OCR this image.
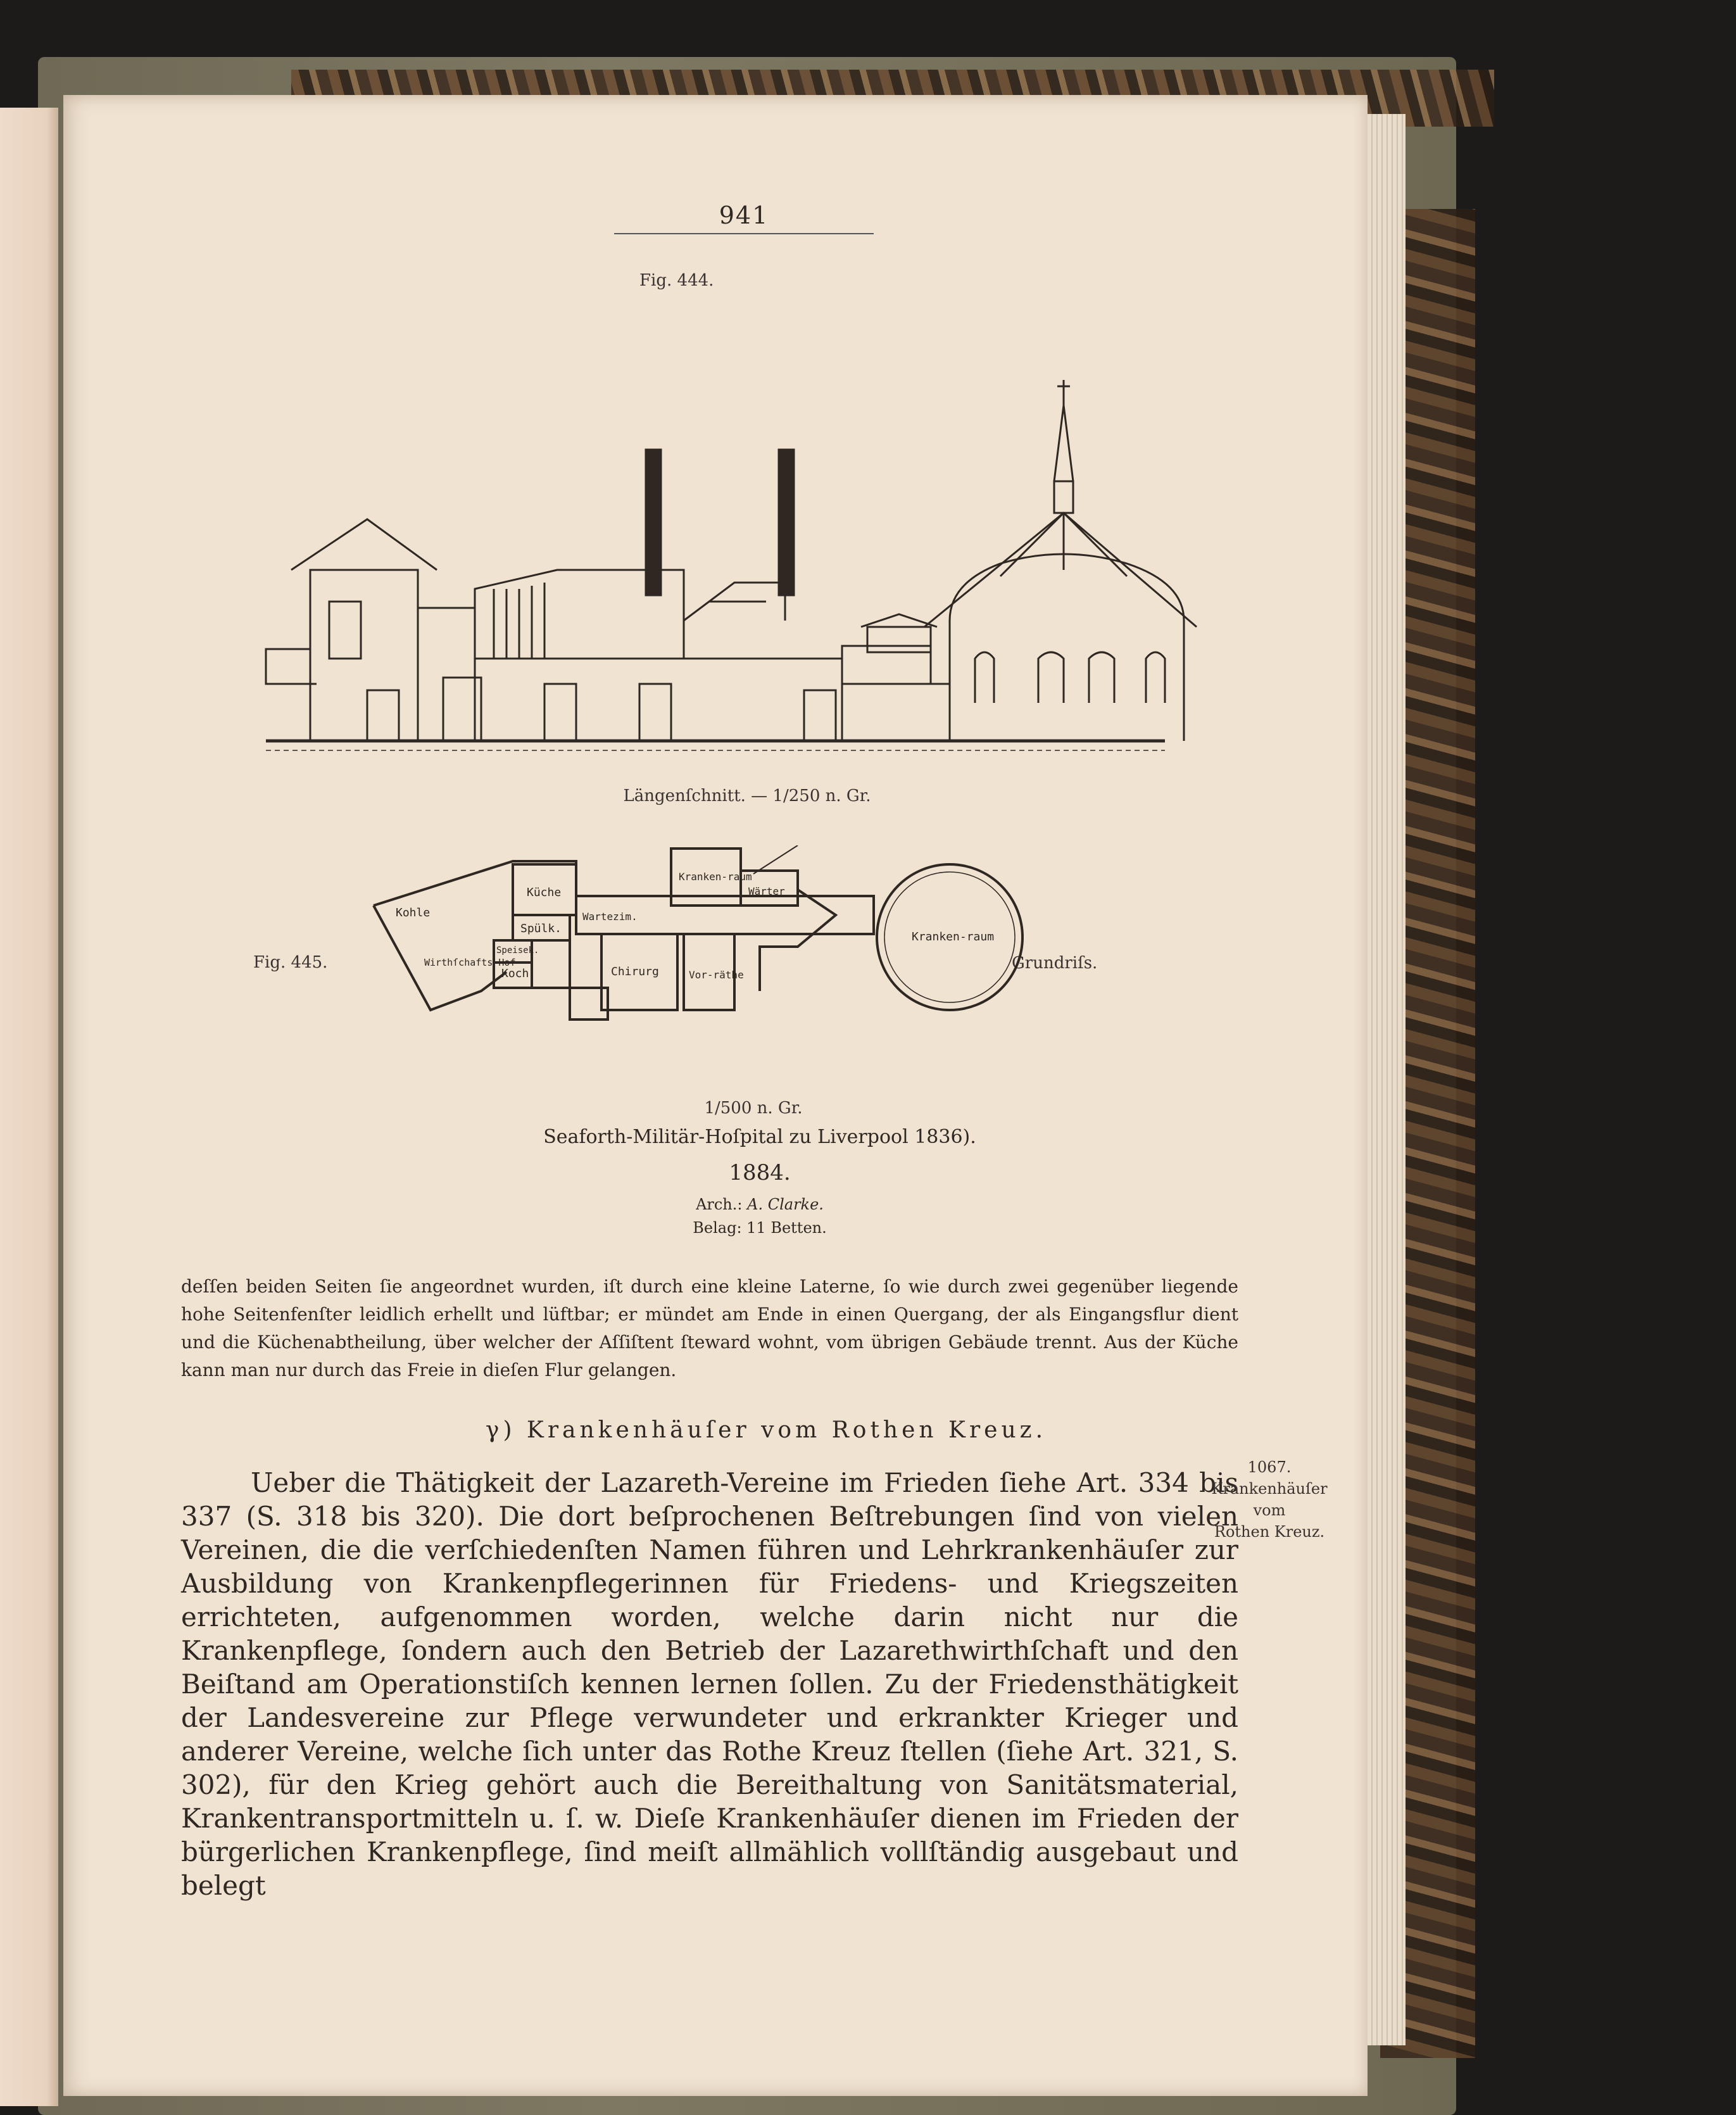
941
Fig. 444.
Längenſchnitt. — 1/250 n. Gr.
Fig. 445.	Grundriſs.
Küche
Kohle
Spülk.
Speisek.
Koch
Wirthſchafts-Hof
Wartezim.
Kranken-raum
Wärter
Kranken-raum
Chirurg	Vor-räthe
1/500 n. Gr.
Seaforth-Militär-Hoſpital zu Liverpool 1836).
1884.
Arch.: A. Clarke.
Belag: 11 Betten.

deſſen beiden Seiten ſie angeordnet wurden, iſt durch eine kleine Laterne, ſo wie durch zwei gegenüber liegende hohe Seitenfenſter leidlich erhellt und lüftbar; er mündet am Ende in einen Quergang, der als Eingangsflur dient und die Küchenabtheilung, über welcher der Aſſiſtent ſteward wohnt, vom übrigen Gebäude trennt. Aus der Küche kann man nur durch das Freie in dieſen Flur gelangen.

γ) Krankenhäuſer vom Rothen Kreuz.

Ueber die Thätigkeit der Lazareth-Vereine im Frieden ſiehe Art. 334 bis 337 (S. 318 bis 320). Die dort beſprochenen Beſtrebungen ſind von vielen Vereinen, die die verſchiedenſten Namen führen und Lehrkrankenhäuſer zur Ausbildung von Krankenpflegerinnen für Friedens- und Kriegszeiten errichteten, aufgenommen worden, welche darin nicht nur die Krankenpflege, ſondern auch den Betrieb der Lazarethwirthſchaft und den Beiſtand am Operationstiſch kennen lernen ſollen. Zu der Friedensthätigkeit der Landesvereine zur Pflege verwundeter und erkrankter Krieger und anderer Vereine, welche ſich unter das Rothe Kreuz ſtellen (ſiehe Art. 321, S. 302), für den Krieg gehört auch die Bereithaltung von Sanitätsmaterial, Krankentransportmitteln u. ſ. w. Dieſe Krankenhäuſer dienen im Frieden der bürgerlichen Krankenpflege, ſind meiſt allmählich vollſtändig ausgebaut und belegt

1067.
Krankenhäuſer
vom
Rothen Kreuz.
